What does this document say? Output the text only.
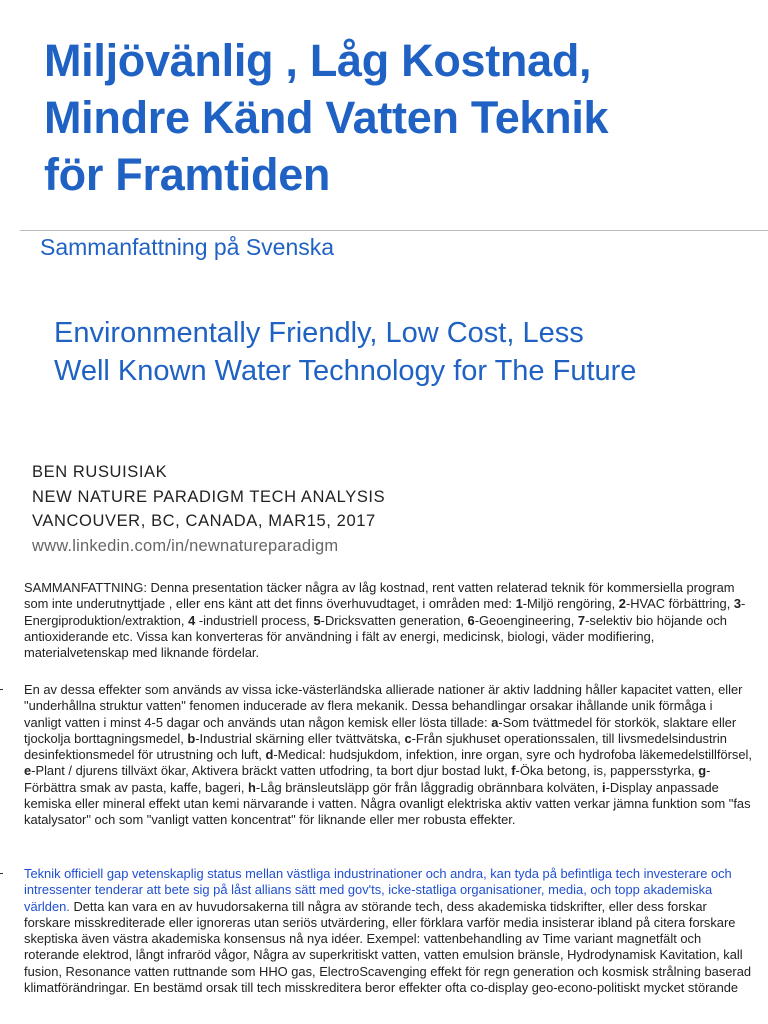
Miljövänlig , Låg Kostnad,
Mindre Känd Vatten Teknik
för Framtiden
Sammanfattning på Svenska
Environmentally Friendly, Low Cost, Less
Well Known Water Technology for The Future
BEN RUSUISIAK
NEW NATURE PARADIGM TECH ANALYSIS
VANCOUVER, BC, CANADA, MAR15, 2017
www.linkedin.com/in/newnatureparadigm
SAMMANFATTNING: Denna presentation täcker några av låg kostnad, rent vatten relaterad teknik för kommersiella program som inte underutnyttjade , eller ens känt att det finns överhuvudtaget, i områden med: 1-Miljö rengöring, 2-HVAC förbättring, 3- Energiproduktion/extraktion, 4 -industriell process, 5-Dricksvatten generation, 6-Geoengineering, 7-selektiv bio höjande och antioxiderande etc. Vissa kan konverteras för användning i fält av energi, medicinsk, biologi, väder modifiering, materialvetenskap med liknande fördelar.
En av dessa effekter som används av vissa icke-västerländska allierade nationer är aktiv laddning håller kapacitet vatten, eller "underhållna struktur vatten" fenomen inducerade av flera mekanik. Dessa behandlingar orsakar ihållande unik förmåga i vanligt vatten i minst 4-5 dagar och används utan någon kemisk eller lösta tillade: a-Som tvättmedel för storkök, slaktare eller tjockolja borttagningsmedel, b-Industrial skärning eller tvättvätska, c-Från sjukhuset operationssalen, till livsmedelsindustrin desinfektionsmedel för utrustning och luft, d-Medical: hudsjukdom, infektion, inre organ, syre och hydrofoba läkemedelstillförsel, e-Plant / djurens tillväxt ökar, Aktivera bräckt vatten utfodring, ta bort djur bostad lukt, f-Öka betong, is, pappersstyrka, g-Förbättra smak av pasta, kaffe, bageri, h-Låg bränsleutsläpp gör från låggradig obrännbara kolväten, i-Display anpassade kemiska eller mineral effekt utan kemi närvarande i vatten. Några ovanligt elektriska aktiv vatten verkar jämna funktion som "fas katalysator" och som "vanligt vatten koncentrat" för liknande eller mer robusta effekter.
Teknik officiell gap vetenskaplig status mellan västliga industrinationer och andra, kan tyda på befintliga tech investerare och intressenter tenderar att bete sig på låst allians sätt med gov'ts, icke-statliga organisationer, media, och topp akademiska världen. Detta kan vara en av huvudorsakerna till några av störande tech, dess akademiska tidskrifter, eller dess forskar forskare misskrediterade eller ignoreras utan seriös utvärdering, eller förklara varför media insisterar ibland på citera forskare skeptiska även västra akademiska konsensus nå nya idéer. Exempel: vattenbehandling av Time variant magnetfält och roterande elektrod, långt infraröd vågor, Några av superkritiskt vatten, vatten emulsion bränsle, Hydrodynamisk Kavitation, kall fusion, Resonance vatten ruttnande som HHO gas, ElectroScavenging effekt för regn generation och kosmisk strålning baserad klimatförändringar. En bestämd orsak till tech misskreditera beror effekter ofta co-display geo-econo-politiskt mycket störande
